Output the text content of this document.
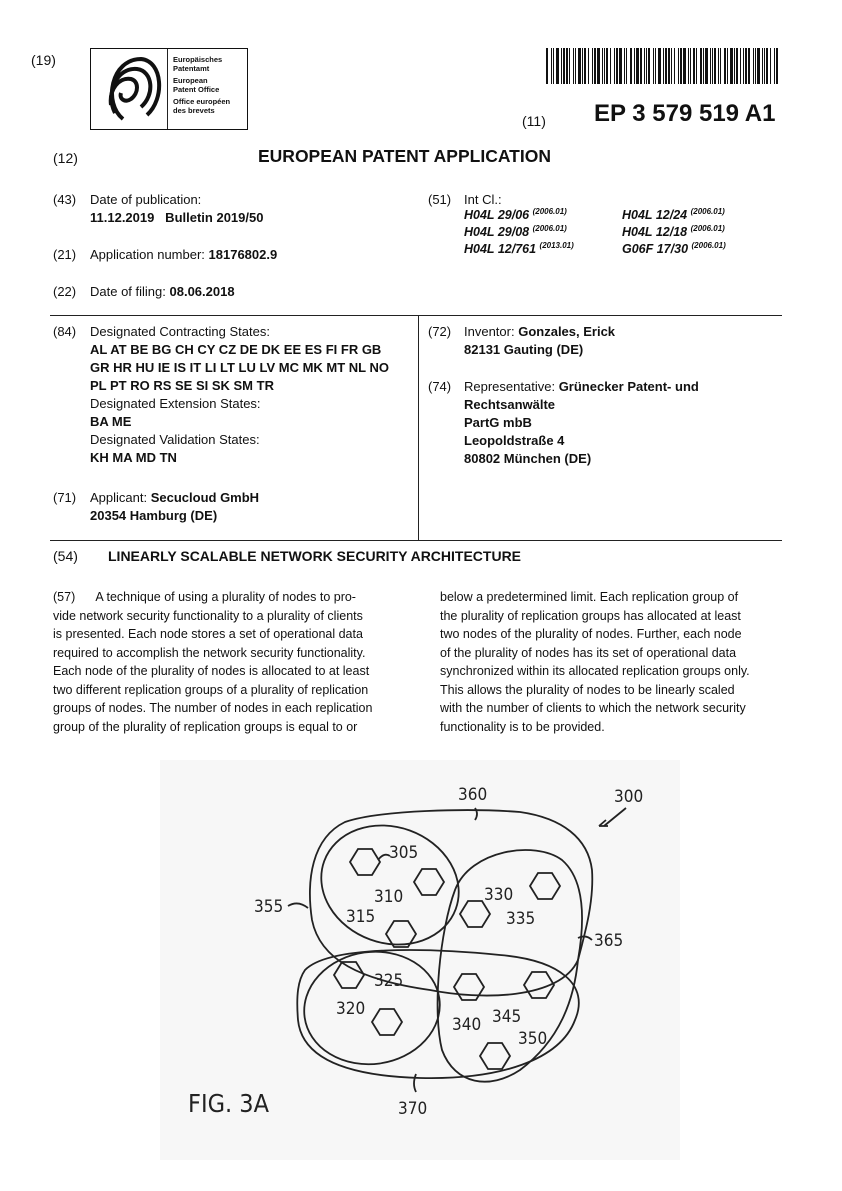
(19)	Europäisches
Patentamt
European
Patent Office
Office européen
des brevets
(11) EP 3 579 519 A1
(12)	EUROPEAN PATENT APPLICATION
(43) Date of publication:
11.12.2019   Bulletin 2019/50
(21) Application number: 18176802.9
(22) Date of filing: 08.06.2018
(51) Int Cl.:
H04L 29/06 $^{(2006.01)}$	H04L 12/24 $^{(2006.01)}$
H04L 29/08 $^{(2006.01)}$	H04L 12/18 $^{(2006.01)}$
H04L 12/761 $^{(2013.01)}$	G06F 17/30 $^{(2006.01)}$
(84) Designated Contracting States:
AL AT BE BG CH CY CZ DE DK EE ES FI FR GB
GR HR HU IE IS IT LI LT LU LV MC MK MT NL NO
PL PT RO RS SE SI SK SM TR
Designated Extension States:
BA ME
Designated Validation States:
KH MA MD TN
(71) Applicant: Secucloud GmbH
20354 Hamburg (DE)
(72) Inventor: Gonzales, Erick
82131 Gauting (DE)
(74) Representative: Grünecker Patent- und
Rechtsanwälte
PartG mbB
Leopoldstraße 4
80802 München (DE)
(54) LINEARLY SCALABLE NETWORK SECURITY ARCHITECTURE
(57) A technique of using a plurality of nodes to pro-
vide network security functionality to a plurality of clients
is presented. Each node stores a set of operational data
required to accomplish the network security functionality.
Each node of the plurality of nodes is allocated to at least
two different replication groups of a plurality of replication
groups of nodes. The number of nodes in each replication
group of the plurality of replication groups is equal to or
below a predetermined limit. Each replication group of
the plurality of replication groups has allocated at least
two nodes of the plurality of nodes. Further, each node
of the plurality of nodes has its set of operational data
synchronized within its allocated replication groups only.
This allows the plurality of nodes to be linearly scaled
with the number of clients to which the network security
functionality is to be provided.
360	300
305
310
315
330
335
355
365
325
320
340 345
350
370
FIG. 3A
